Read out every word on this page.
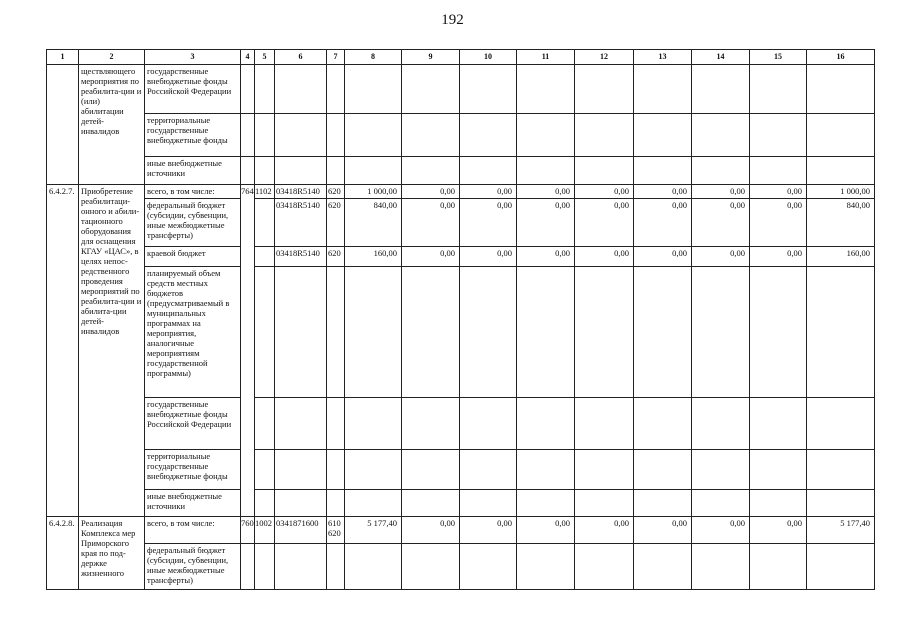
192
1	2	3	4	5	6	7	8	9	10	11	12	13	14	15	16
	ществляющего мероприятия по реабилита-ции и (или) абилитации детей-инвалидов	государственные внебюджетные фонды Российской Федерации													
		территориальные государственные внебюджетные фонды													
		иные внебюджетные источники													
6.4.2.7.	Приобретение реабилитаци-онного и абили-тационного оборудования для оснащения КГАУ «ЦАС», в целях непос-редственного проведения мероприятий по реабилита-ции и абилита-ции детей-инвалидов	всего, в том числе:	764	1102	03418R5140	620	1 000,00	0,00	0,00	0,00	0,00	0,00	0,00	0,00	1 000,00
		федеральный бюджет (субсидии, субвенции, иные межбюджетные трансферты)			03418R5140	620	840,00	0,00	0,00	0,00	0,00	0,00	0,00	0,00	840,00
		краевой бюджет			03418R5140	620	160,00	0,00	0,00	0,00	0,00	0,00	0,00	0,00	160,00
		планируемый объем средств местных бюджетов (предусматриваемый в муниципальных программах на мероприятия, аналогичные мероприятиям государственной программы)													
		государственные внебюджетные фонды Российской Федерации													
		территориальные государственные внебюджетные фонды													
		иные внебюджетные источники													
6.4.2.8.	Реализация Комплекса мер Приморского края по под-держке жизненного	всего, в том числе:	760	1002	0341871600	610 620	5 177,40	0,00	0,00	0,00	0,00	0,00	0,00	0,00	5 177,40
		федеральный бюджет (субсидии, субвенции, иные межбюджетные трансферты)													
